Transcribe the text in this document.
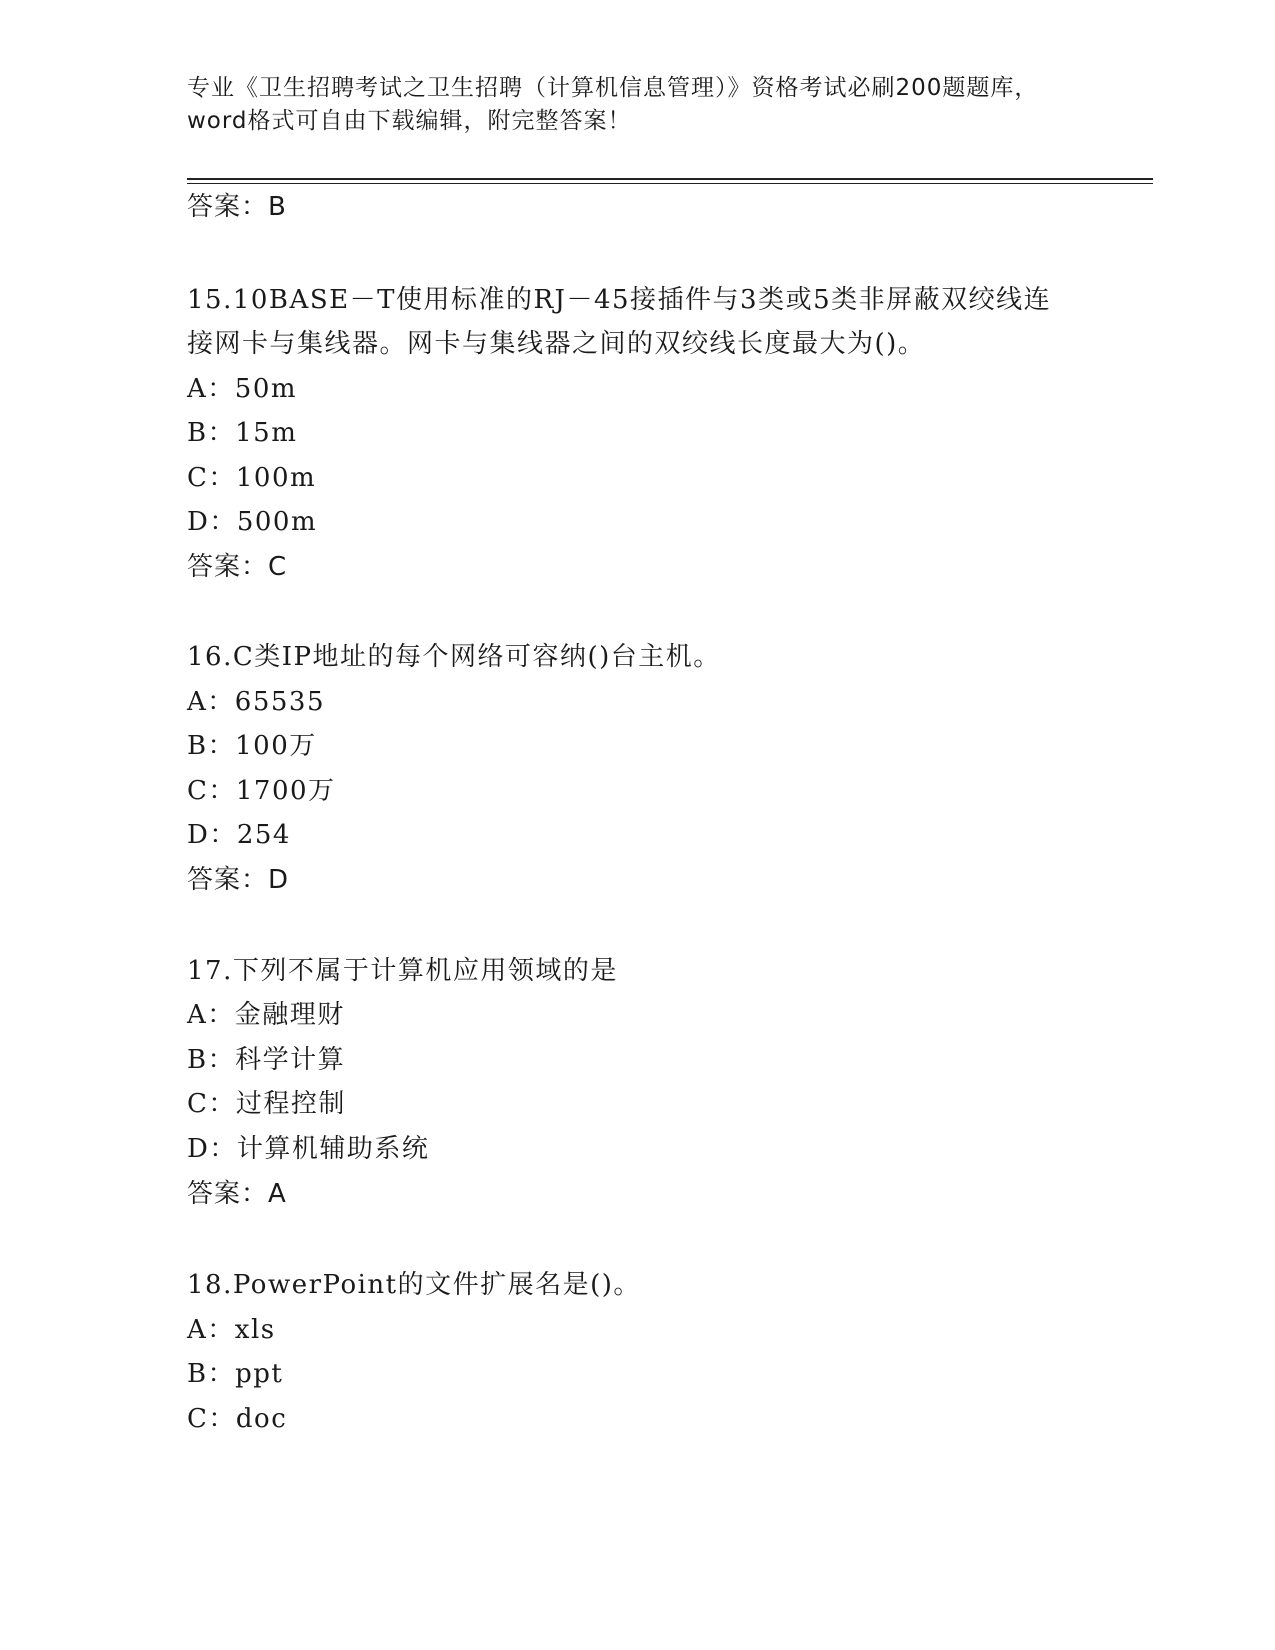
专业《卫生招聘考试之卫生招聘（计算机信息管理）》资格考试必刷200题题库，
word格式可自由下载编辑，附完整答案！
答案：B
15.10BASE－T使用标准的RJ－45接插件与3类或5类非屏蔽双绞线连
接网卡与集线器。网卡与集线器之间的双绞线长度最大为()。
A：50m
B：15m
C：100m
D：500m
答案：C
16.C类IP地址的每个网络可容纳()台主机。
A：65535
B：100万
C：1700万
D：254
答案：D
17.下列不属于计算机应用领域的是
A：金融理财
B：科学计算
C：过程控制
D：计算机辅助系统
答案：A
18.PowerPoint的文件扩展名是()。
A：xls
B：ppt
C：doc
